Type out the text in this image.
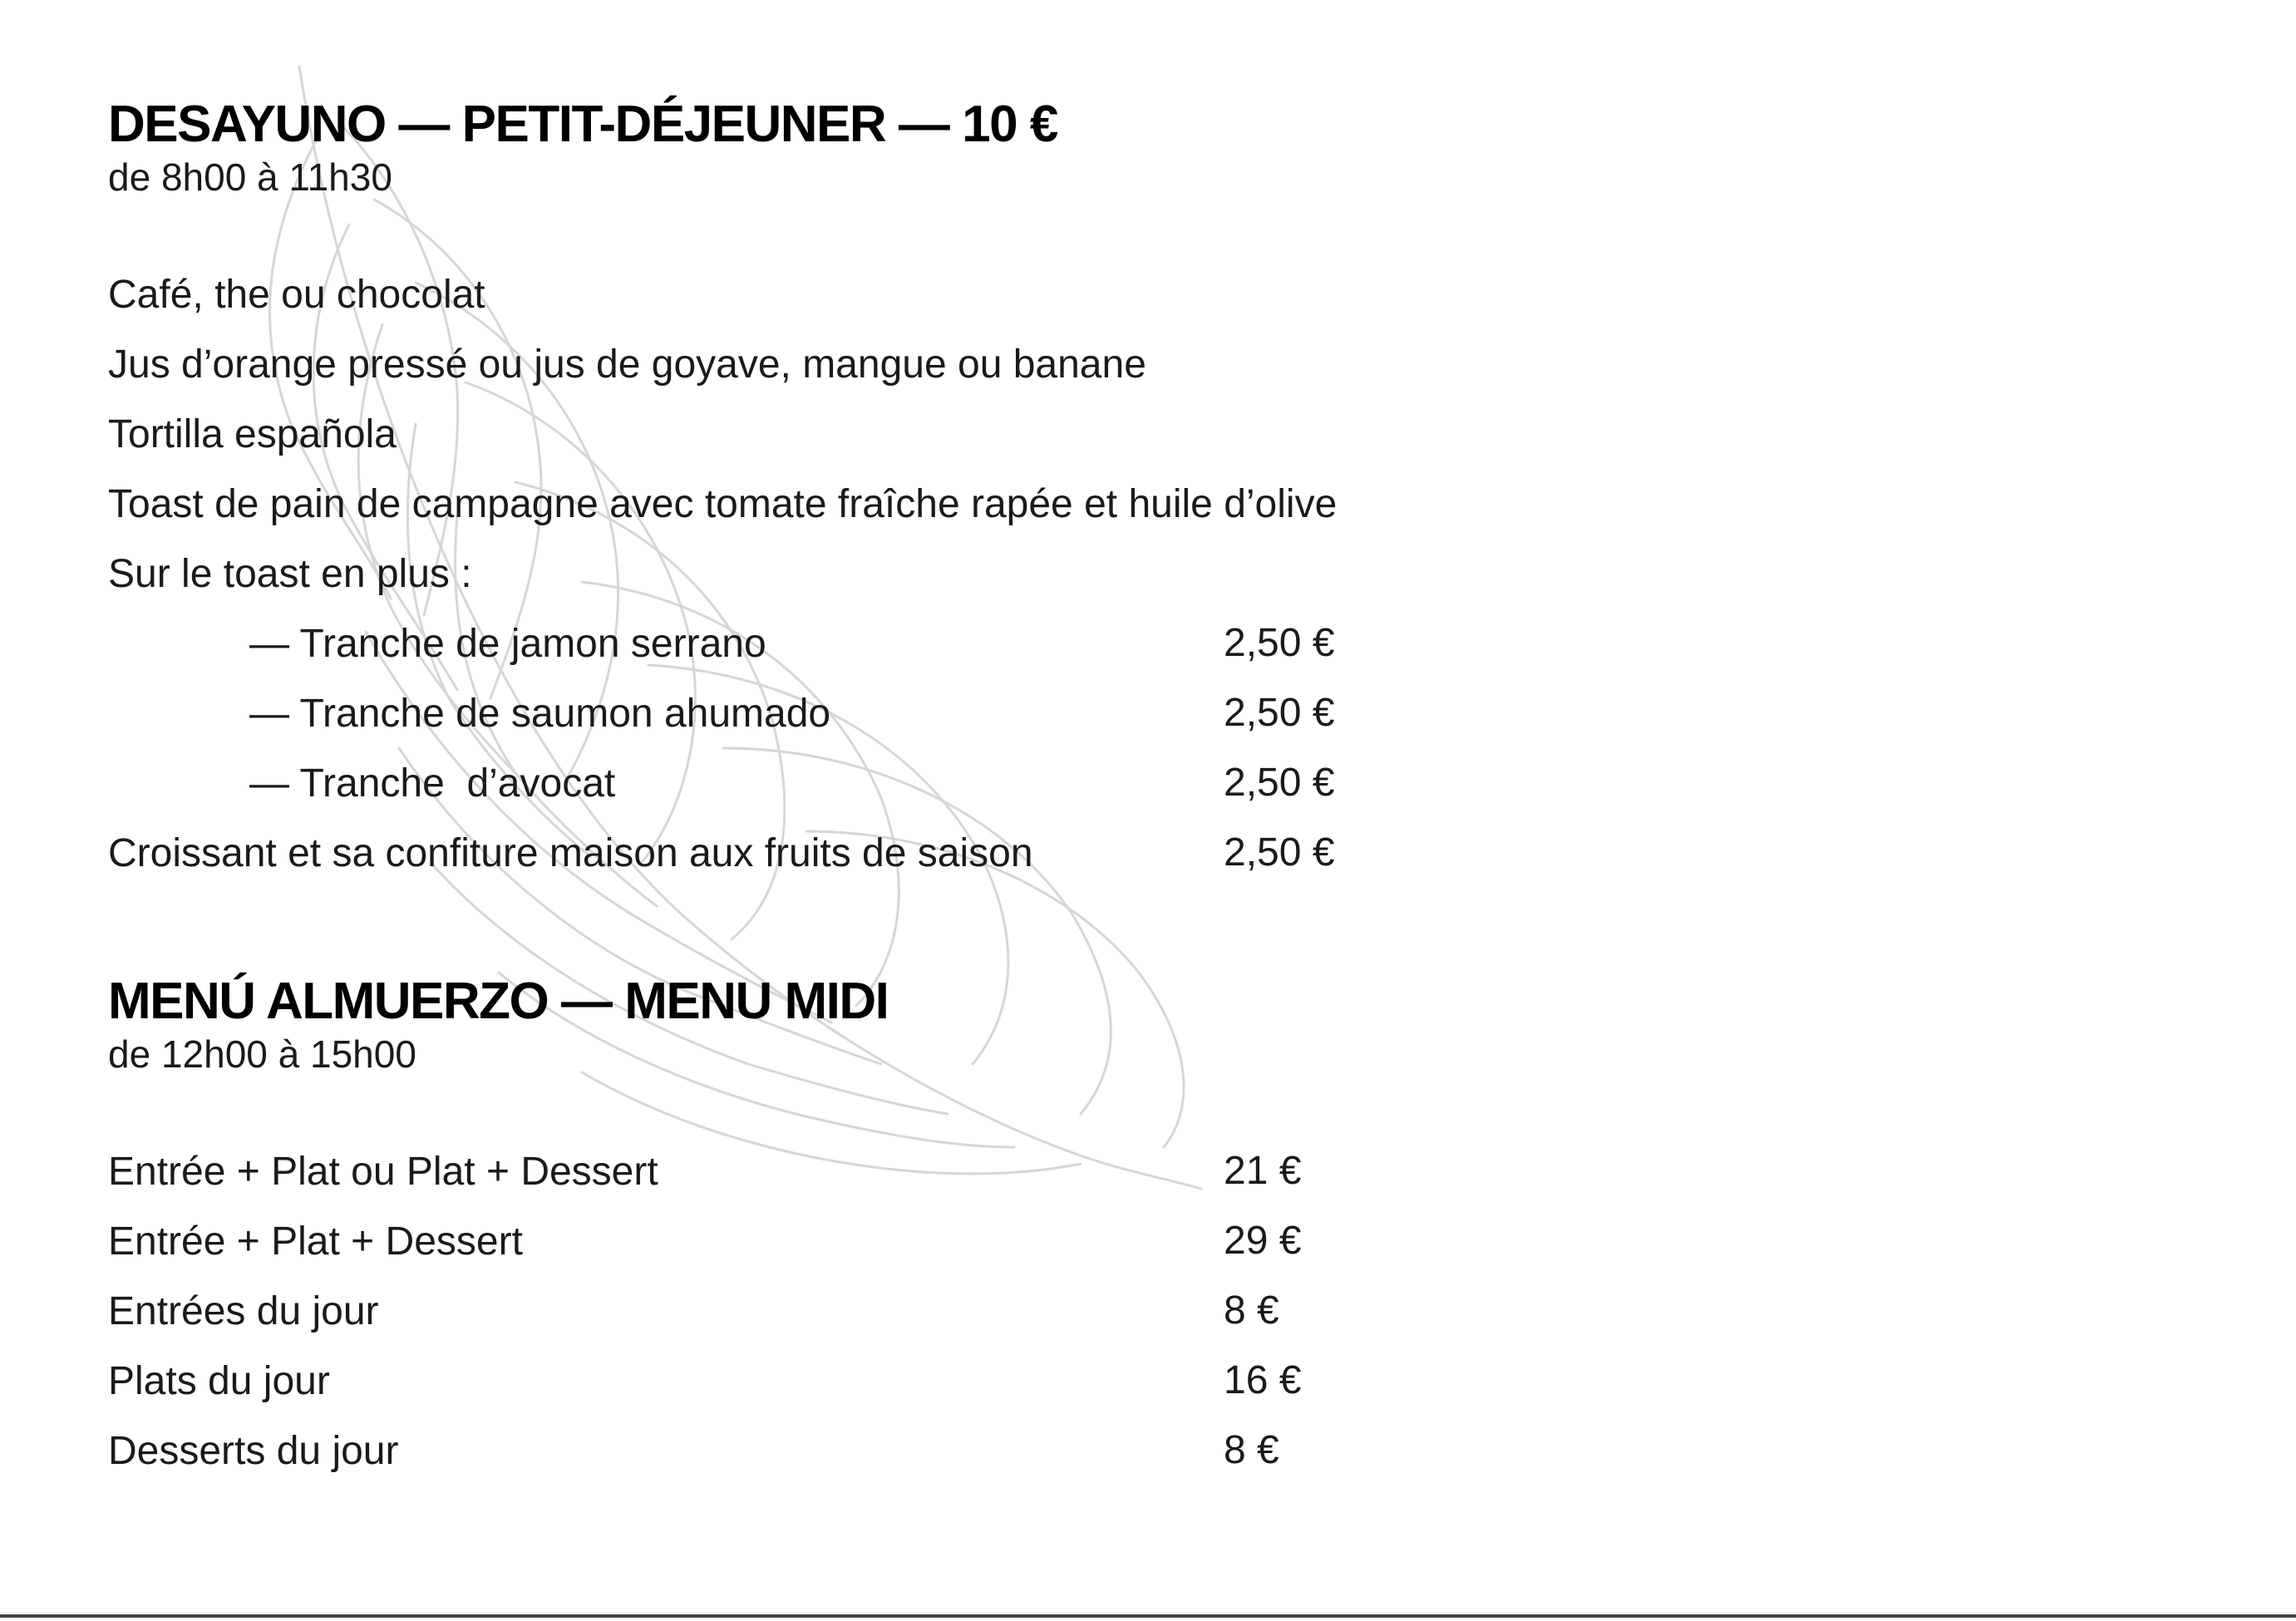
DESAYUNO — PETIT-DÉJEUNER — 10 €
de 8h00 à 11h30
Café, the ou chocolat
Jus d’orange pressé ou jus de goyave, mangue ou banane
Tortilla española
Toast de pain de campagne avec tomate fraîche rapée et huile d’olive
Sur le toast en plus :
— Tranche de jamon serrano	2,50 €
— Tranche de saumon ahumado	2,50 €
— Tranche  d’avocat	2,50 €
Croissant et sa confiture maison aux fruits de saison	2,50 €
MENÚ ALMUERZO — MENU MIDI
de 12h00 à 15h00
Entrée + Plat ou Plat + Dessert	21 €
Entrée + Plat + Dessert	29 €
Entrées du jour	8 €
Plats du jour	16 €
Desserts du jour	8 €
